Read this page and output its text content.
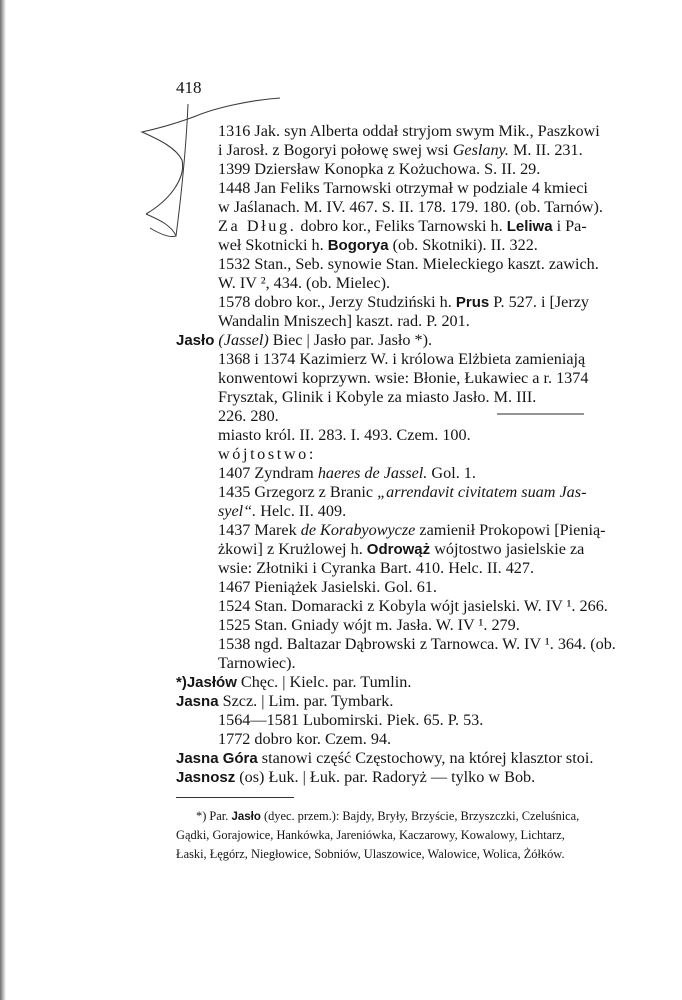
418
1316 Jak. syn Alberta oddał stryjom swym Mik., Paszkowi
i Jarosł. z Bogoryi połowę swej wsi Geslany. M. II. 231.
1399 Dziersław Konopka z Kożuchowa. S. II. 29.
1448 Jan Feliks Tarnowski otrzymał w podziale 4 kmieci
w Jaślanach. M. IV. 467. S. II. 178. 179. 180. (ob. Tarnów).
Za Dług. dobro kor., Feliks Tarnowski h. Leliwa i Pa-
weł Skotnicki h. Bogorya (ob. Skotniki). II. 322.
1532 Stan., Seb. synowie Stan. Mieleckiego kaszt. zawich.
W. IV ², 434. (ob. Mielec).
1578 dobro kor., Jerzy Studziński h. Prus P. 527. i [Jerzy
Wandalin Mniszech] kaszt. rad. P. 201.
Jasło (Jassel) Biec | Jasło par. Jasło *).
1368 i 1374 Kazimierz W. i królowa Elżbieta zamieniają
konwentowi koprzywn. wsie: Błonie, Łukawiec a r. 1374
Frysztak, Glinik i Kobyle za miasto Jasło. M. III.
226. 280.
miasto król. II. 283. I. 493. Czem. 100.
wójtostwo:
1407 Zyndram haeres de Jassel. Gol. 1.
1435 Grzegorz z Branic „arrendavit civitatem suam Jas-
syel“. Helc. II. 409.
1437 Marek de Korabyowycze zamienił Prokopowi [Pienią-
żkowi] z Krużlowej h. Odrowąż wójtostwo jasielskie za
wsie: Złotniki i Cyranka Bart. 410. Helc. II. 427.
1467 Pieniążek Jasielski. Gol. 61.
1524 Stan. Domaracki z Kobyla wójt jasielski. W. IV ¹. 266.
1525 Stan. Gniady wójt m. Jasła. W. IV ¹. 279.
1538 ngd. Baltazar Dąbrowski z Tarnowca. W. IV ¹. 364. (ob.
Tarnowiec).
*)Jasłów Chęc. | Kielc. par. Tumlin.
Jasna Szcz. | Lim. par. Tymbark.
1564—1581 Lubomirski. Piek. 65. P. 53.
1772 dobro kor. Czem. 94.
Jasna Góra stanowi część Częstochowy, na której klasztor stoi.
Jasnosz (os) Łuk. | Łuk. par. Radoryż — tylko w Bob.
*) Par. Jasło (dyec. przem.): Bajdy, Bryły, Brzyście, Brzyszczki, Czeluśnica,
Gądki, Gorajowice, Hankówka, Jareniówka, Kaczarowy, Kowalowy, Lichtarz,
Łaski, Łęgórz, Niegłowice, Sobniów, Ulaszowice, Walowice, Wolica, Żółków.
